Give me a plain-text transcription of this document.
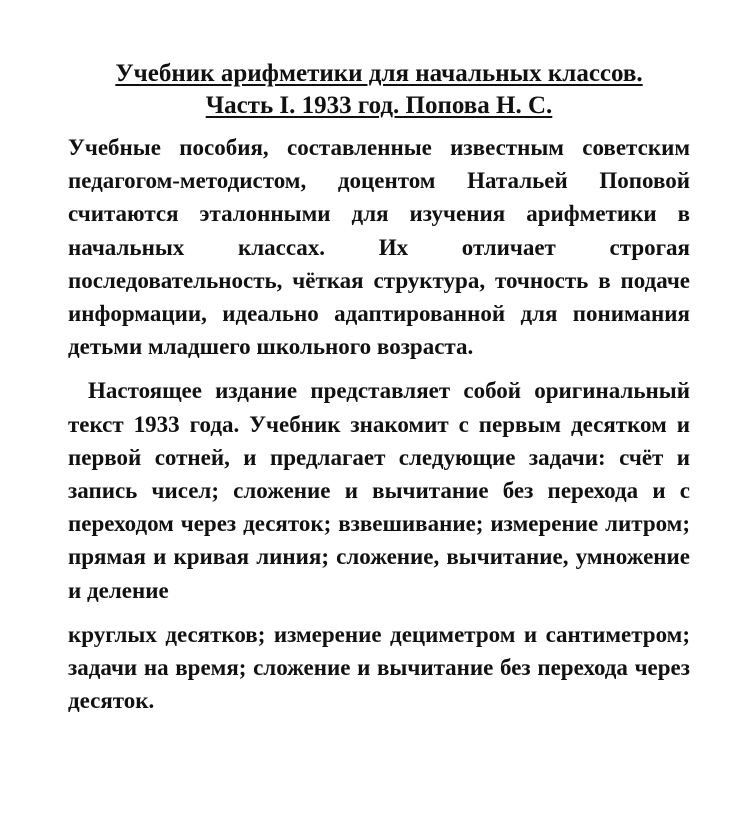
Учебник арифметики для начальных классов.
Часть I. 1933 год. Попова Н. С.

Учебные пособия, составленные известным советским педагогом-методистом, доцентом Натальей Поповой считаются эталонными для изучения арифметики в начальных классах. Их отличает строгая последовательность, чёткая структура, точность в подаче информации, идеально адаптированной для понимания детьми младшего школьного возраста.

Настоящее издание представляет собой оригинальный текст 1933 года. Учебник знакомит с первым десятком и первой сотней, и предлагает следующие задачи: счёт и запись чисел; сложение и вычитание без перехода и с переходом через десяток; взвешивание; измерение литром; прямая и кривая линия; сложение, вычитание, умножение и деление

круглых десятков; измерение дециметром и сантиметром; задачи на время; сложение и вычитание без перехода через десяток.
